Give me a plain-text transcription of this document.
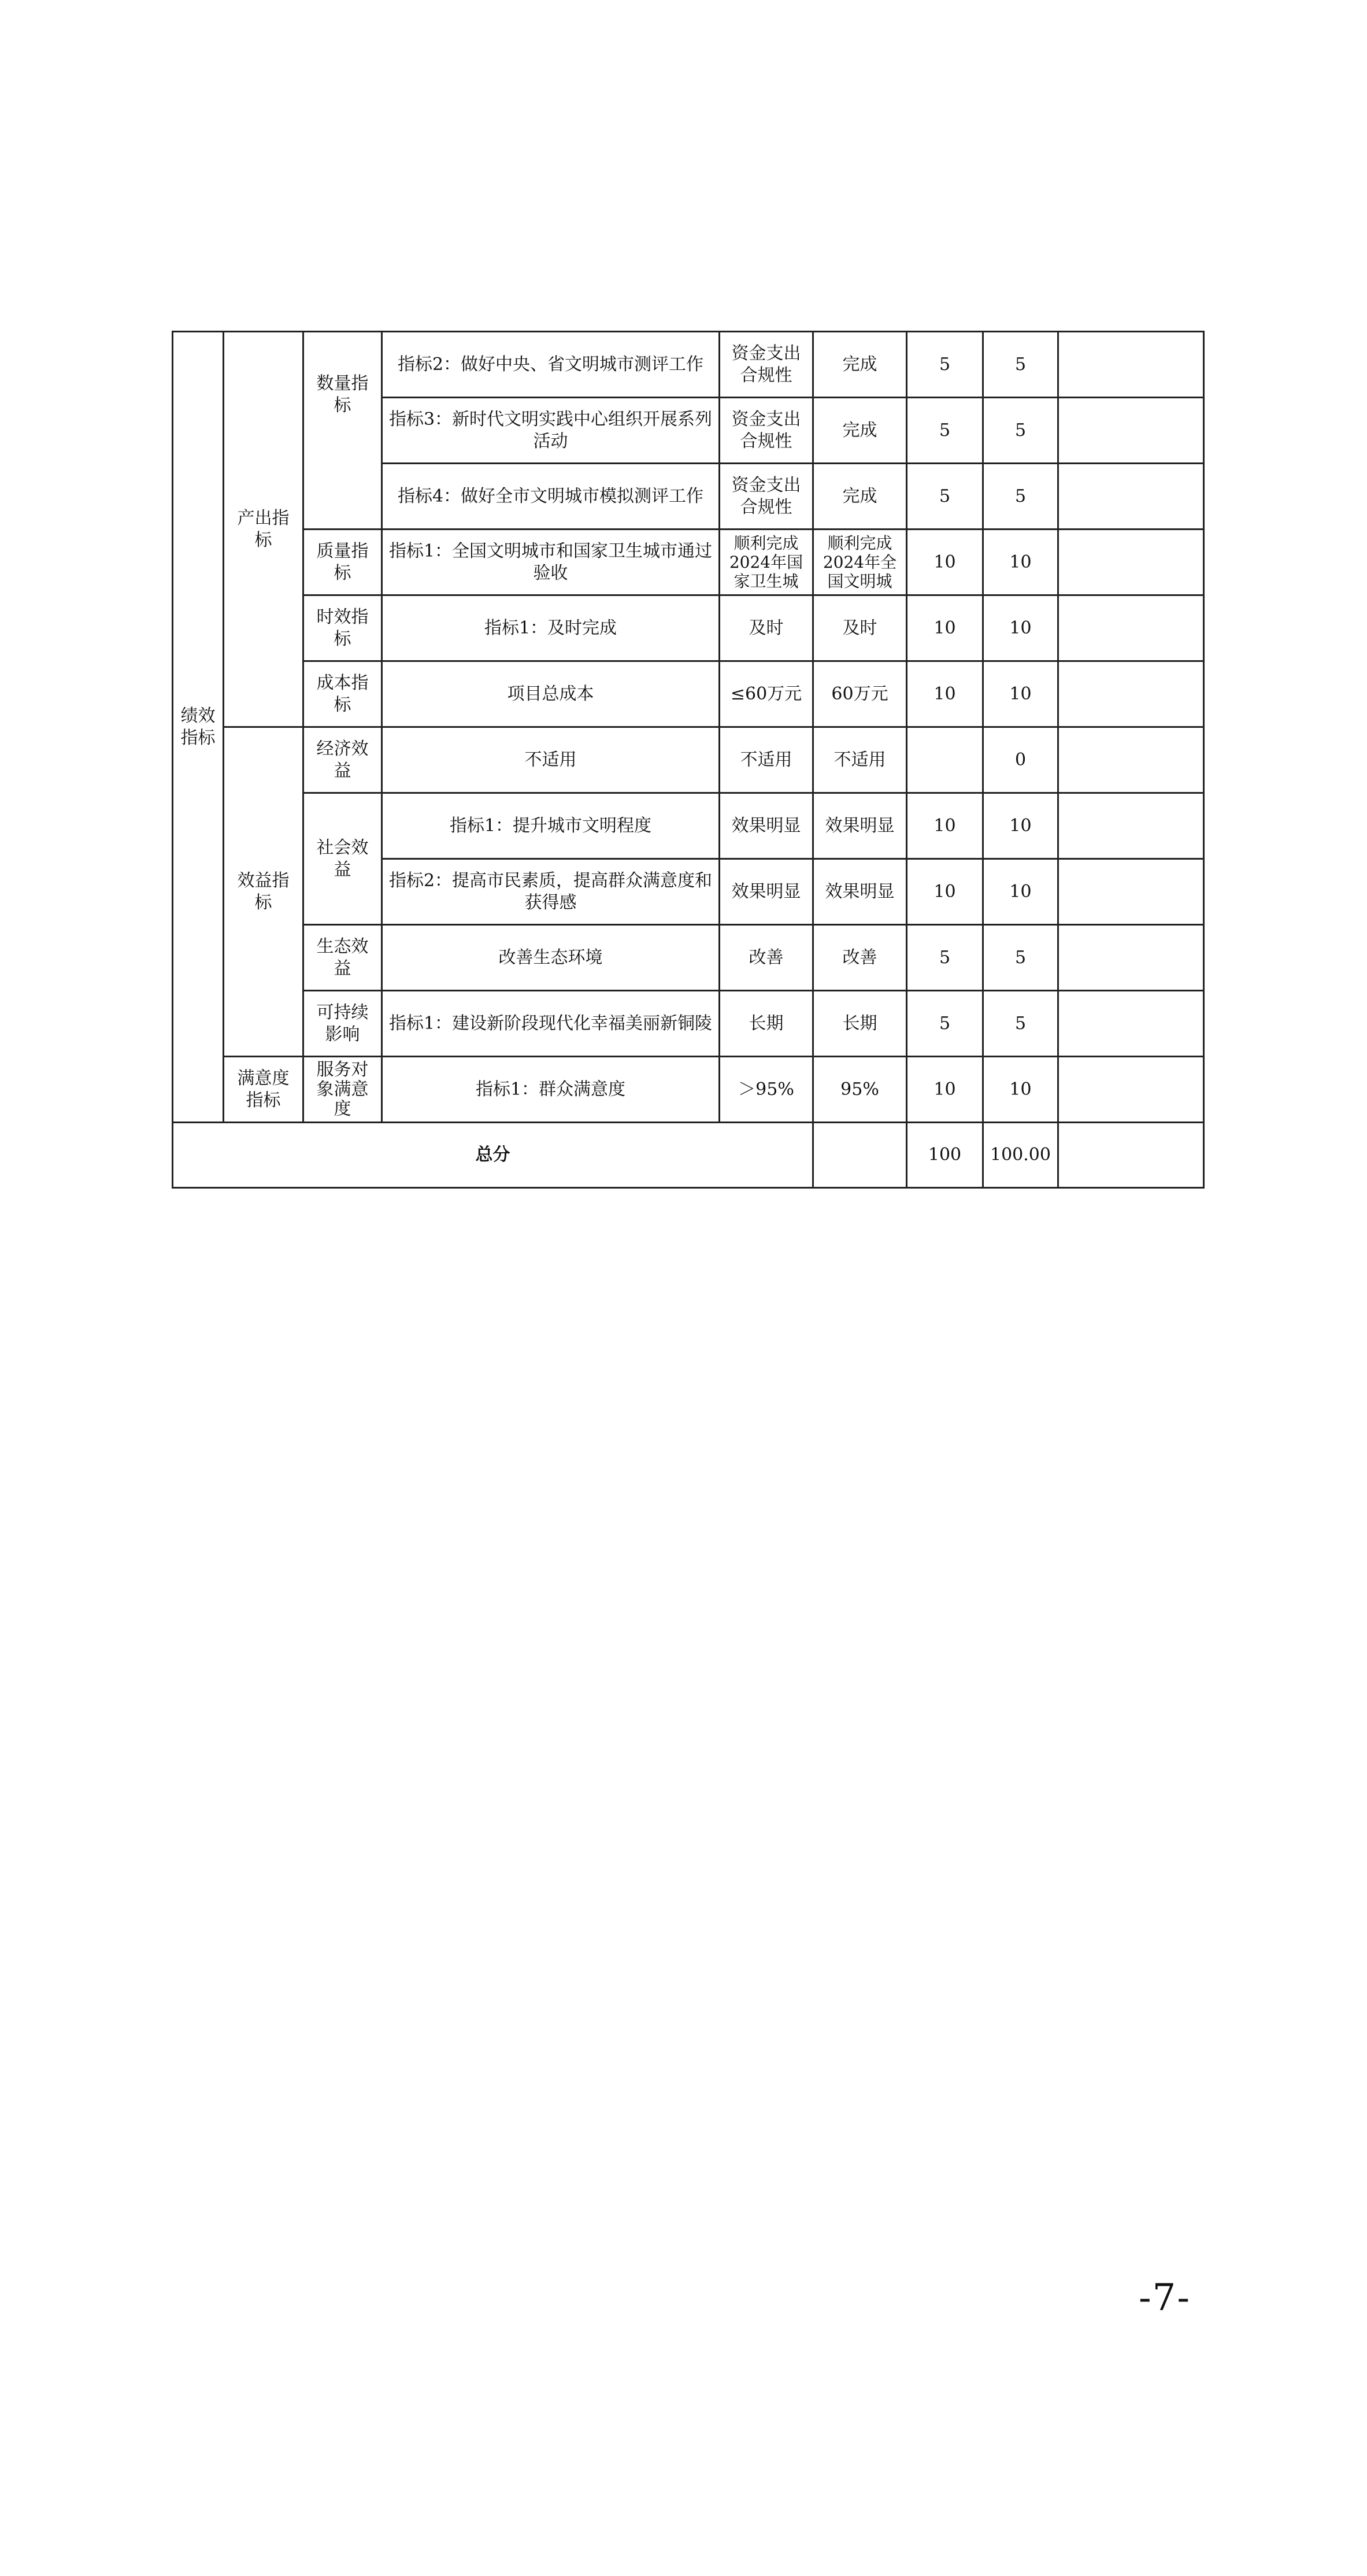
绩效指标	产出指标	数量指标	指标2：做好中央、省文明城市测评工作	资金支出合规性	完成	5	5	
			指标3：新时代文明实践中心组织开展系列活动	资金支出合规性	完成	5	5	
			指标4：做好全市文明城市模拟测评工作	资金支出合规性	完成	5	5	
		质量指标	指标1：全国文明城市和国家卫生城市通过验收	顺利完成2024年国家卫生城	顺利完成2024年全国文明城	10	10	
		时效指标	指标1：及时完成	及时	及时	10	10	
		成本指标	项目总成本	≤60万元	60万元	10	10	
	效益指标	经济效益	不适用	不适用	不适用		0	
		社会效益	指标1：提升城市文明程度	效果明显	效果明显	10	10	
			指标2：提高市民素质，提高群众满意度和获得感	效果明显	效果明显	10	10	
		生态效益	改善生态环境	改善	改善	5	5	
		可持续影响	指标1：建设新阶段现代化幸福美丽新铜陵	长期	长期	5	5	
	满意度指标	服务对象满意度	指标1：群众满意度	＞95%	95%	10	10	
总分						100	100.00	
-7-
